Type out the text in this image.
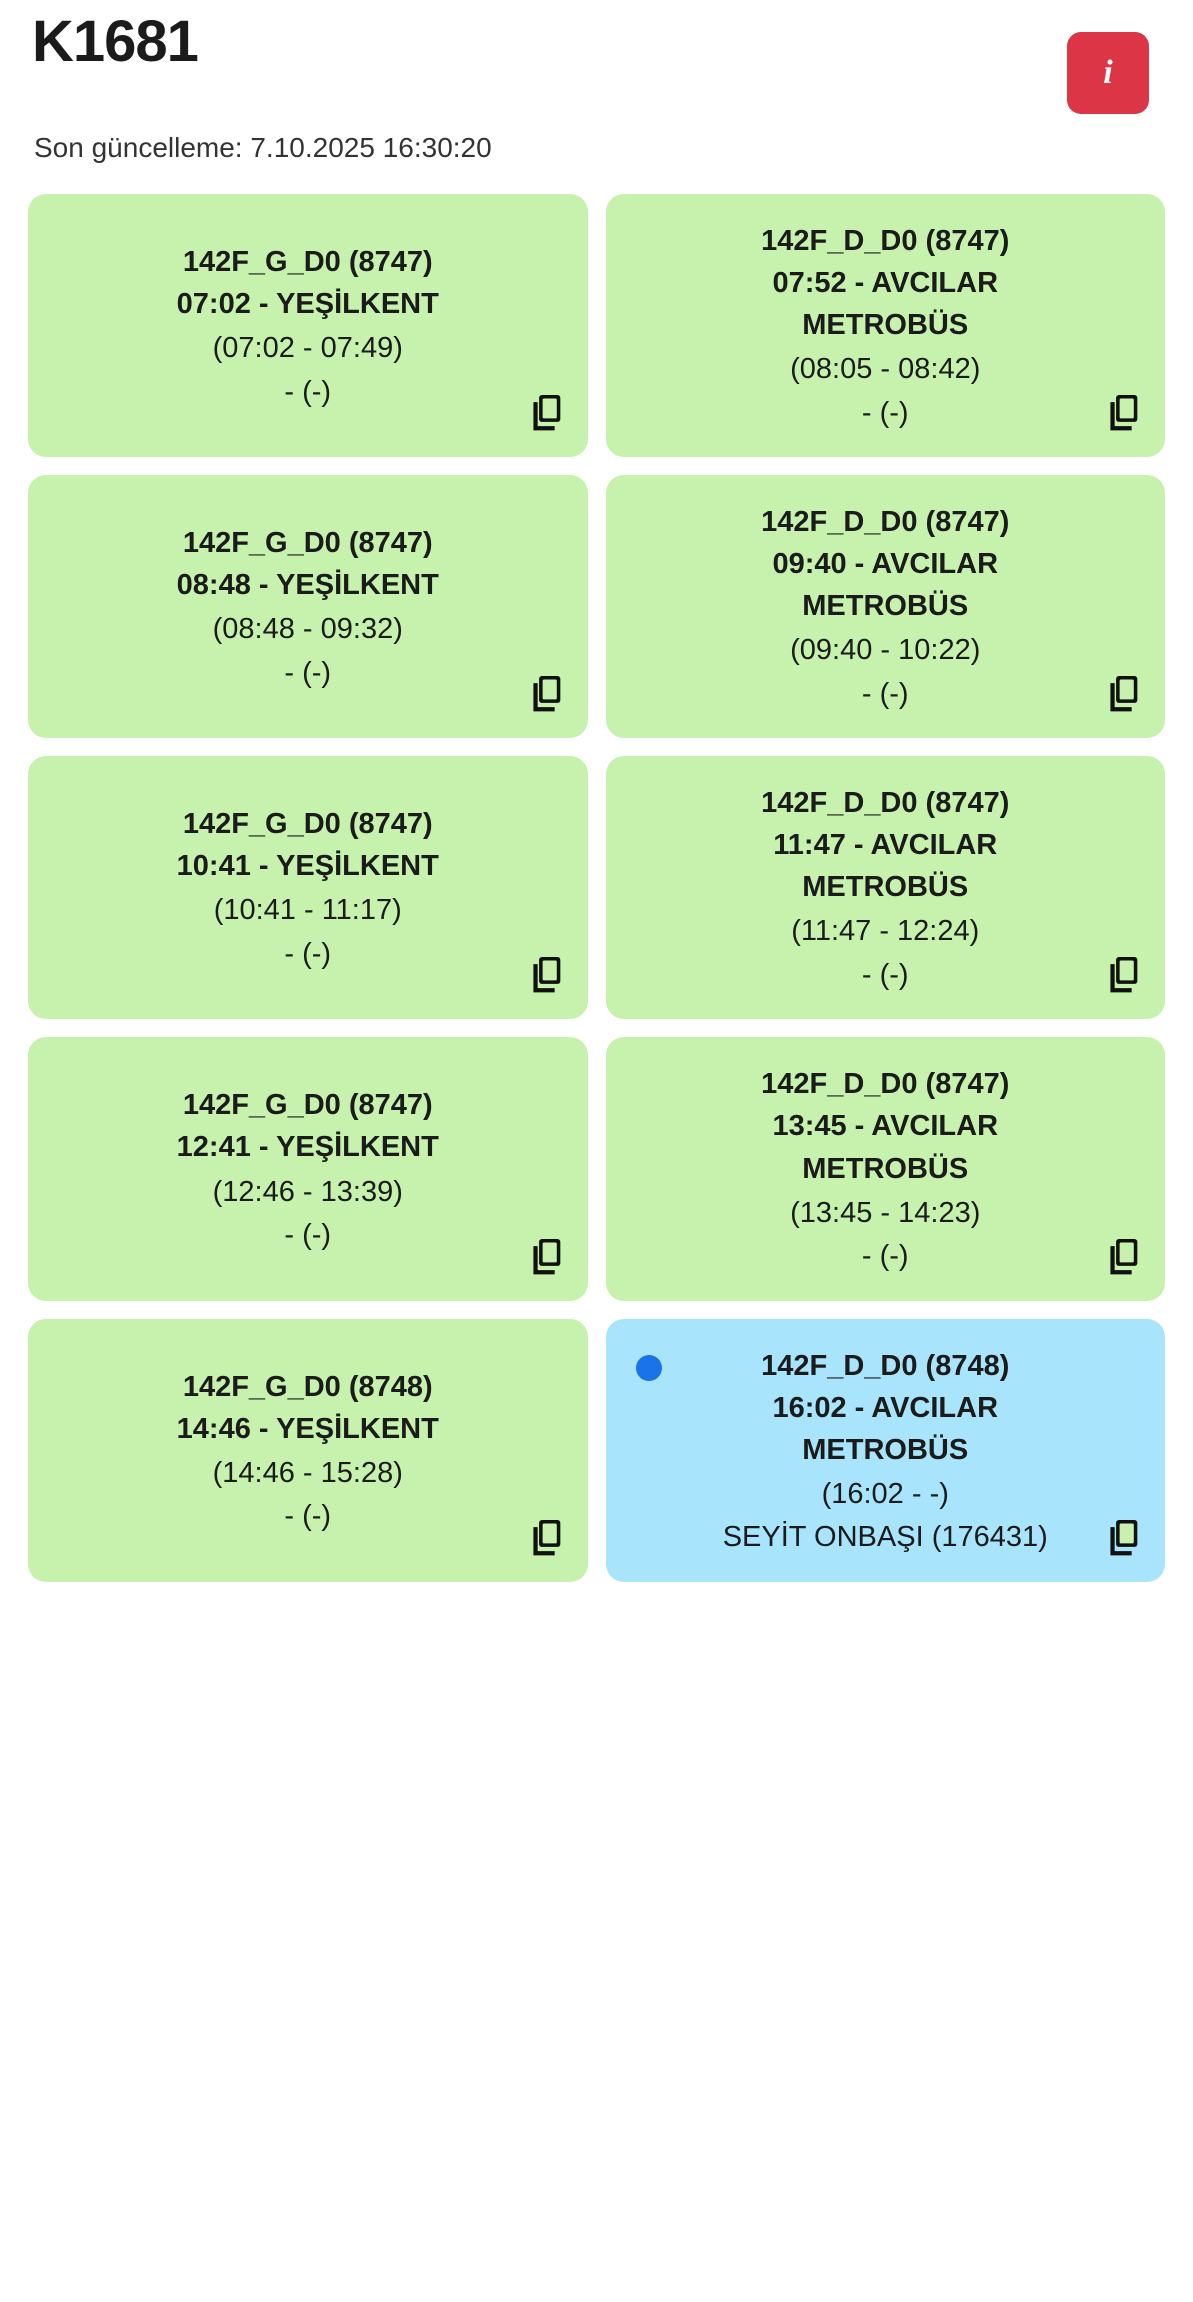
K1681	i
Son güncelleme: 7.10.2025 16:30:20
142F_G_D0 (8747)
07:02 - YEŞİLKENT
(07:02 - 07:49)
- (-)
142F_D_D0 (8747)
07:52 - AVCILAR METROBÜS
(08:05 - 08:42)
- (-)
142F_G_D0 (8747)
08:48 - YEŞİLKENT
(08:48 - 09:32)
- (-)
142F_D_D0 (8747)
09:40 - AVCILAR METROBÜS
(09:40 - 10:22)
- (-)
142F_G_D0 (8747)
10:41 - YEŞİLKENT
(10:41 - 11:17)
- (-)
142F_D_D0 (8747)
11:47 - AVCILAR METROBÜS
(11:47 - 12:24)
- (-)
142F_G_D0 (8747)
12:41 - YEŞİLKENT
(12:46 - 13:39)
- (-)
142F_D_D0 (8747)
13:45 - AVCILAR METROBÜS
(13:45 - 14:23)
- (-)
142F_G_D0 (8748)
14:46 - YEŞİLKENT
(14:46 - 15:28)
- (-)
142F_D_D0 (8748)
16:02 - AVCILAR METROBÜS
(16:02 - -)
SEYİT ONBAŞI (176431)
